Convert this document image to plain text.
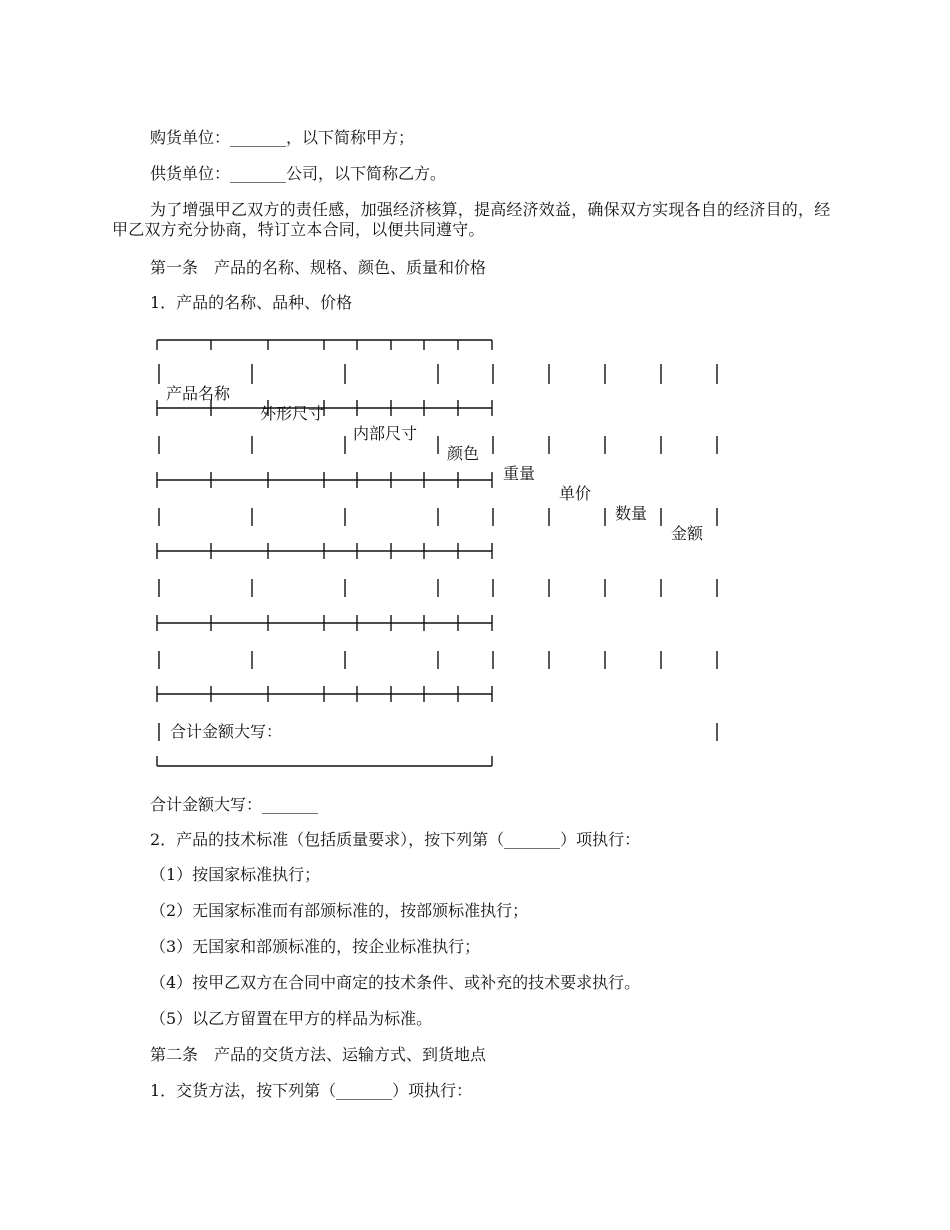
购货单位：_______，以下简称甲方；
供货单位：_______公司，以下简称乙方。
为了增强甲乙双方的责任感，加强经济核算，提高经济效益，确保双方实现各自的经济目的，经甲乙双方充分协商，特订立本合同，以便共同遵守。
第一条　产品的名称、规格、颜色、质量和价格
1．产品的名称、品种、价格

产品名称

外形尺寸

内部尺寸

颜色

重量

单价

数量

金额

合计金额大写：
合计金额大写：_______
2．产品的技术标准（包括质量要求），按下列第（_______）项执行：
（1）按国家标准执行；
（2）无国家标准而有部颁标准的，按部颁标准执行；
（3）无国家和部颁标准的，按企业标准执行；
（4）按甲乙双方在合同中商定的技术条件、或补充的技术要求执行。
（5）以乙方留置在甲方的样品为标准。
第二条　产品的交货方法、运输方式、到货地点
1．交货方法，按下列第（_______）项执行：
